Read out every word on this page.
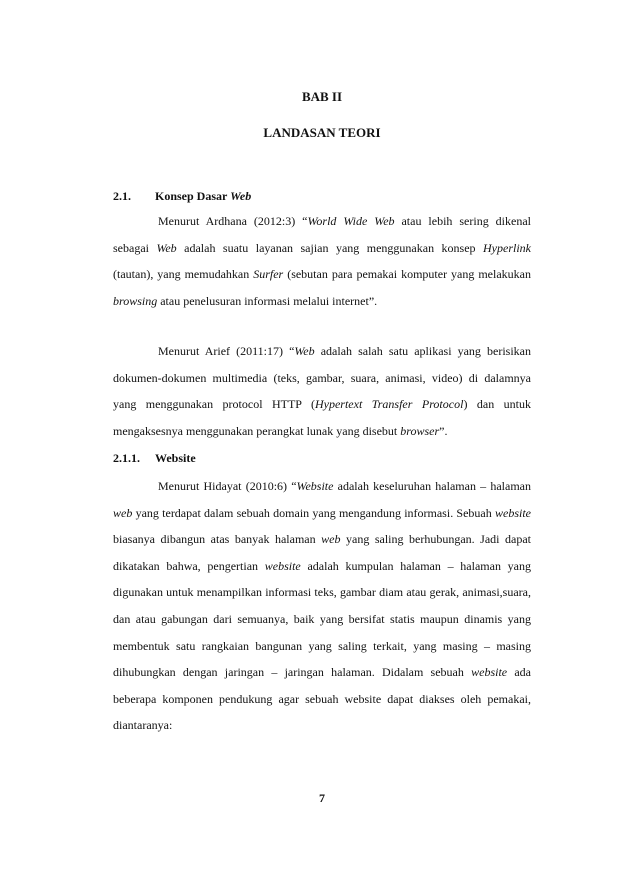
BAB II
LANDASAN TEORI
2.1. Konsep Dasar Web

Menurut Ardhana (2012:3) “World Wide Web atau lebih sering dikenal sebagai Web adalah suatu layanan sajian yang menggunakan konsep Hyperlink (tautan), yang memudahkan Surfer (sebutan para pemakai komputer yang melakukan browsing atau penelusuran informasi melalui internet”.

Menurut Arief (2011:17) “Web adalah salah satu aplikasi yang berisikan dokumen-dokumen multimedia (teks, gambar, suara, animasi, video) di dalamnya yang menggunakan protocol HTTP (Hypertext Transfer Protocol) dan untuk mengaksesnya menggunakan perangkat lunak yang disebut browser”.

2.1.1. Website

Menurut Hidayat (2010:6) “Website adalah keseluruhan halaman – halaman web yang terdapat dalam sebuah domain yang mengandung informasi. Sebuah website biasanya dibangun atas banyak halaman web yang saling berhubungan. Jadi dapat dikatakan bahwa, pengertian website adalah kumpulan halaman – halaman yang digunakan untuk menampilkan informasi teks, gambar diam atau gerak, animasi,suara, dan atau gabungan dari semuanya, baik yang bersifat statis maupun dinamis yang membentuk satu rangkaian bangunan yang saling terkait, yang masing – masing dihubungkan dengan jaringan – jaringan halaman. Didalam sebuah website ada beberapa komponen pendukung agar sebuah website dapat diakses oleh pemakai, diantaranya:

7
